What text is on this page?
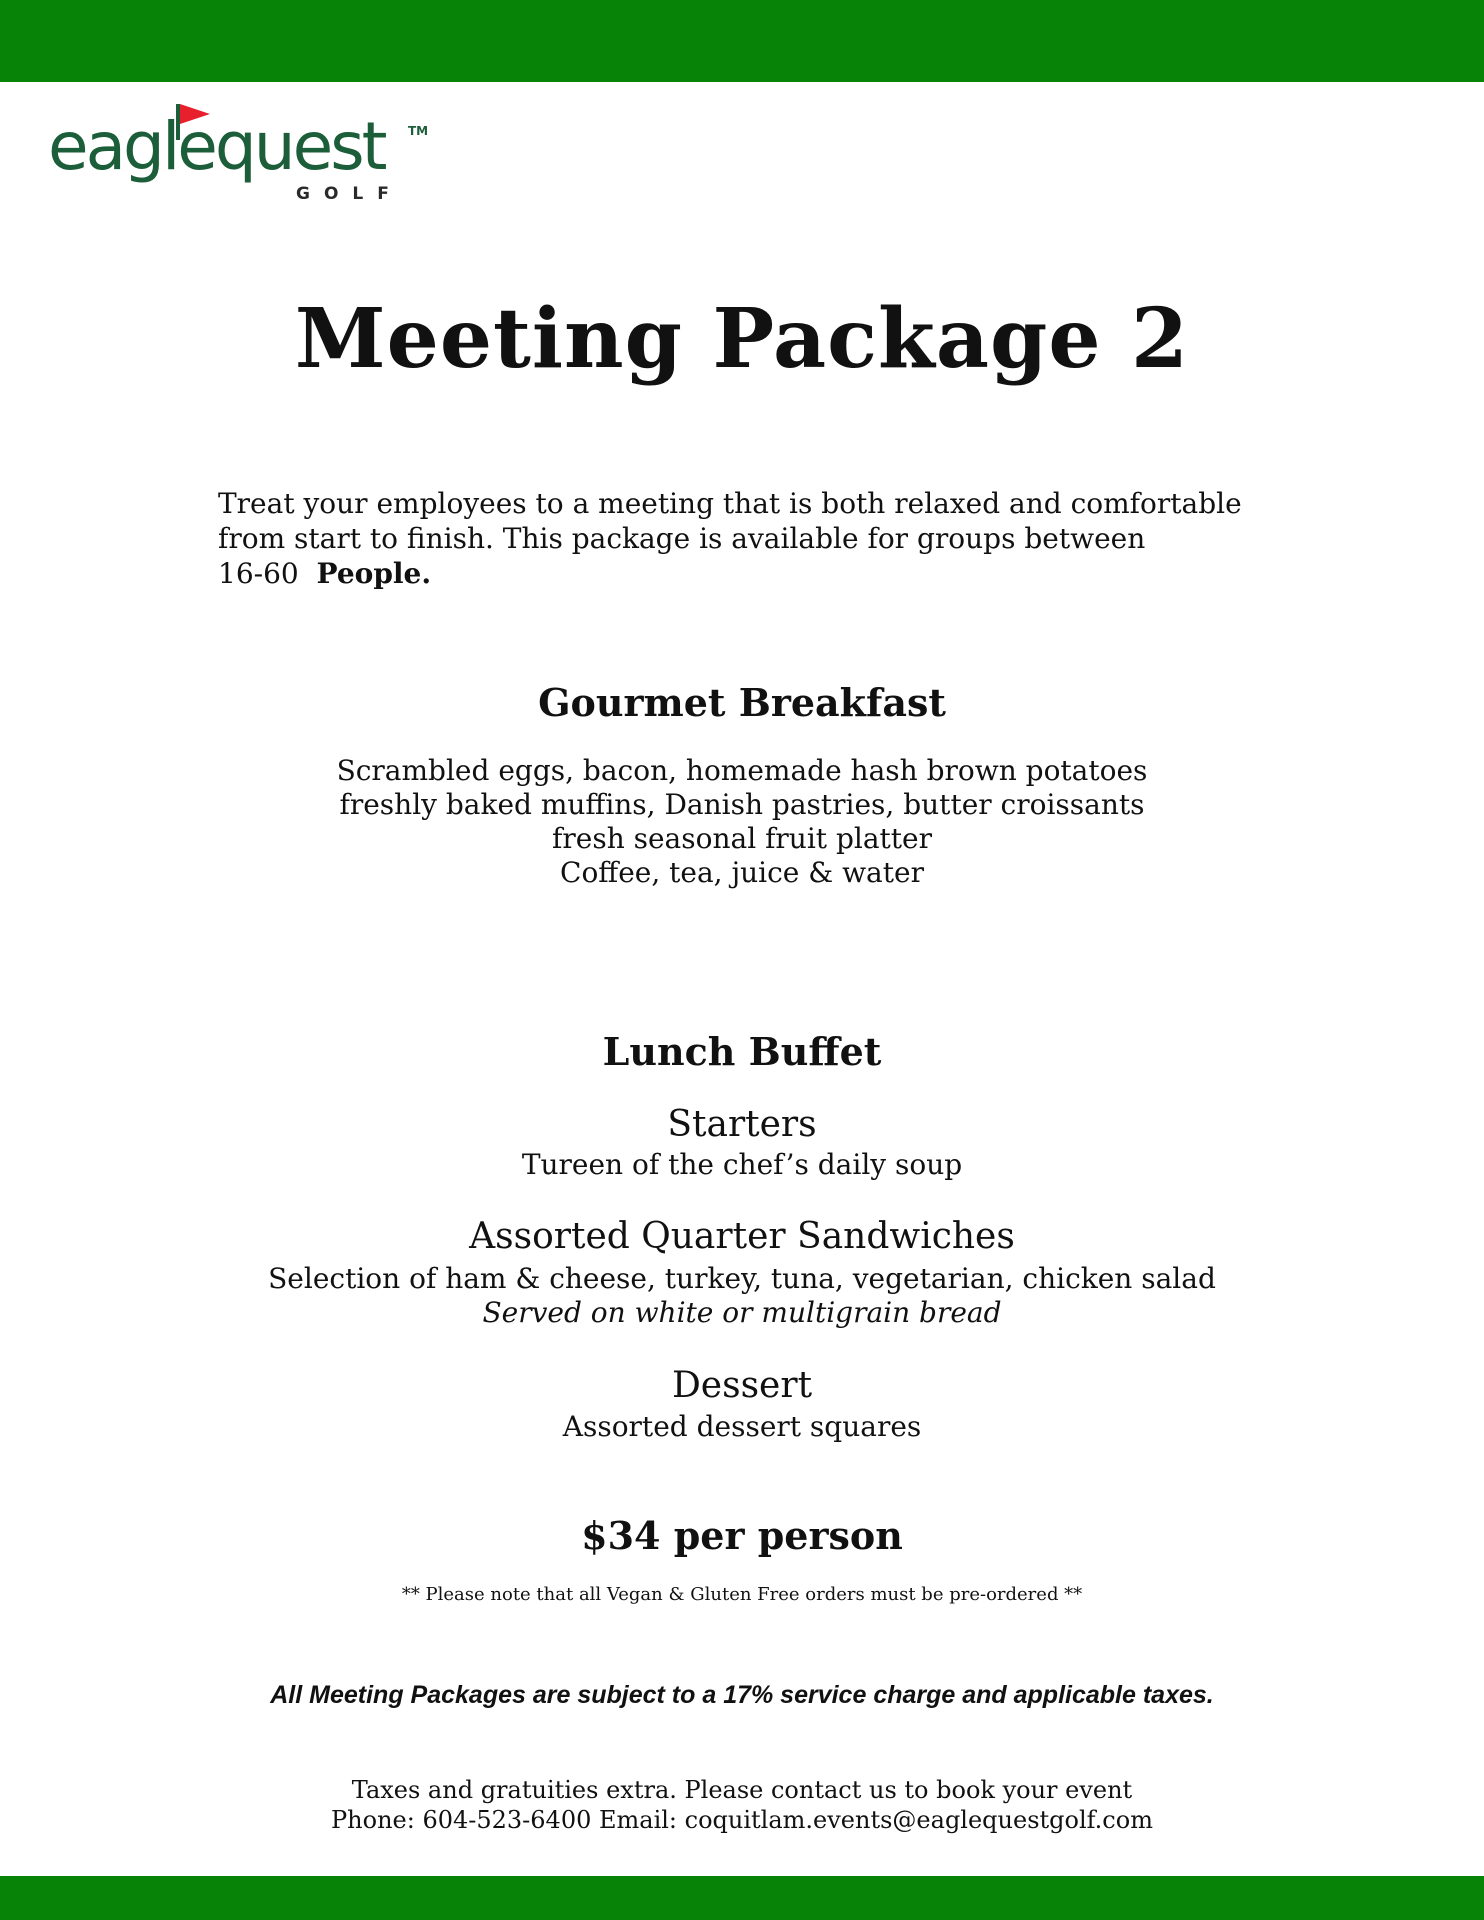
eaglequest TM
GOLF
Meeting Package 2
Treat your employees to a meeting that is both relaxed and comfortable
from start to finish. This package is available for groups between
16-60 People.
Gourmet Breakfast
Scrambled eggs, bacon, homemade hash brown potatoes
freshly baked muffins, Danish pastries, butter croissants
fresh seasonal fruit platter
Coffee, tea, juice & water
Lunch Buffet
Starters
Tureen of the chef’s daily soup
Assorted Quarter Sandwiches
Selection of ham & cheese, turkey, tuna, vegetarian, chicken salad
Served on white or multigrain bread
Dessert
Assorted dessert squares
$34 per person
** Please note that all Vegan & Gluten Free orders must be pre-ordered **
All Meeting Packages are subject to a 17% service charge and applicable taxes.
Taxes and gratuities extra. Please contact us to book your event
Phone: 604-523-6400 Email: coquitlam.events@eaglequestgolf.com
